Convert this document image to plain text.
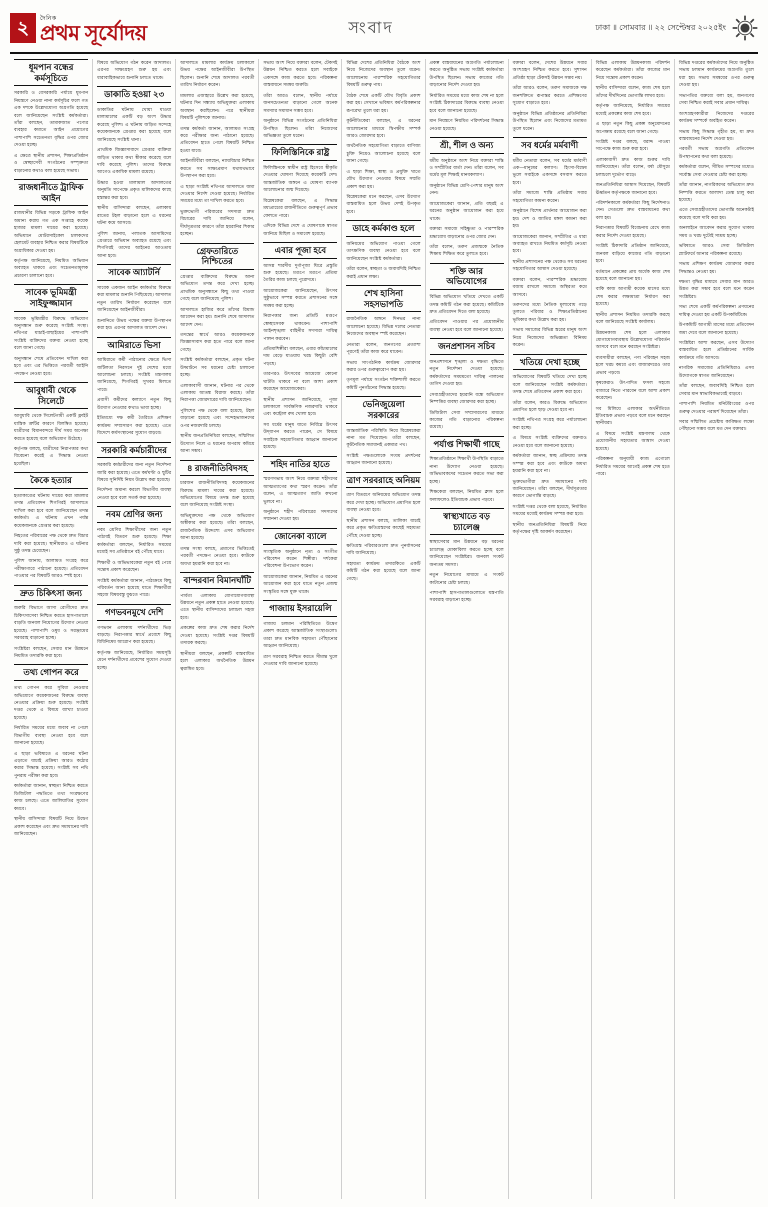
২	দৈনিক
প্রথম সূর্যোদয়	সংবাদ	ঢাকা ॥ সোমবার ॥ ২২ সেপ্টেম্বর ২০২৫ইং
ধূমপান বন্ধের কর্মসূচিতে
সরকারি ও বেসরকারি পর্যায়ে ধূমপান নিয়ন্ত্রণে নেওয়া নানা কর্মসূচির ফলে গত এক দশকে উল্লেখযোগ্য অগ্রগতি হয়েছে বলে জানিয়েছেন সংশ্লিষ্ট কর্মকর্তারা। তাঁরা বলছেন, তামাকজাত পণ্যের ব্যবহার কমাতে আইন প্রয়োগের পাশাপাশি সচেতনতা বৃদ্ধির ওপর জোর দেওয়া হচ্ছে।
এ ক্ষেত্রে স্থানীয় প্রশাসন, শিক্ষাপ্রতিষ্ঠান ও স্বেচ্ছাসেবী সংগঠনের সম্পৃক্ততা বাড়ানোর কথাও বলা হয়েছে সভায়।
রাজধানীতে ট্রাফিক আইন
রাজধানীর বিভিন্ন সড়কে ট্রাফিক আইন অমান্য করায় গত এক সপ্তাহে কয়েক হাজার মামলা দায়ের করা হয়েছে। অভিযানে মোটরসাইকেল চালকদের হেলমেট ব্যবহার নিশ্চিত করার বিষয়টিকে অগ্রাধিকার দেওয়া হয়।
কর্তৃপক্ষ জানিয়েছে, নিয়মিত অভিযান অব্যাহত থাকবে এবং সচেতনতামূলক প্রচারণা চালানো হবে।
সাবেক ভূমিমন্ত্রী সাইফুজ্জামান
সাবেক ভূমিমন্ত্রীর বিরুদ্ধে অভিযোগ অনুসন্ধান শুরু করেছে সংশ্লিষ্ট সংস্থা। নথিপত্র যাচাই-বাছাইয়ের পাশাপাশি সংশ্লিষ্ট ব্যক্তিদের বক্তব্য নেওয়া হচ্ছে বলে জানা গেছে।
অনুসন্ধান শেষে প্রতিবেদন দাখিল করা হবে এবং এর ভিত্তিতে পরবর্তী আইনি পদক্ষেপ নেওয়া হবে।
আবুধাবী থেকে সিলেটে
আবুধাবি থেকে সিলেটগামী একটি ফ্লাইট যান্ত্রিক ত্রুটির কারণে বিলম্বিত হয়েছে। যাত্রীদের বিমানবন্দরে দীর্ঘ সময় অপেক্ষা করতে হয়েছে বলে অভিযোগ উঠেছে।
কর্তৃপক্ষ বলছে, যাত্রীদের নিরাপত্তার কথা বিবেচনা করেই এ সিদ্ধান্ত নেওয়া হয়েছিল।
কৈকে হত্যার
হত্যাকাণ্ডের ঘটনায় দায়ের করা মামলার তদন্ত প্রতিবেদন শিগগিরই আদালতে দাখিল করা হবে বলে জানিয়েছেন তদন্ত কর্মকর্তা। এ ঘটনায় এখন পর্যন্ত কয়েকজনকে গ্রেপ্তার করা হয়েছে।
নিহতের পরিবারের পক্ষ থেকে দ্রুত বিচার দাবি করা হয়েছে। স্থানীয়রাও এ ঘটনার সুষ্ঠু তদন্ত চেয়েছেন।
পুলিশ জানায়, আলামত সংগ্রহ করে পরীক্ষাগারে পাঠানো হয়েছে। প্রতিবেদন পাওয়ার পর বিষয়টি আরও স্পষ্ট হবে।
দ্রুত চিকিৎসা জন্য
জরুরি বিভাগে আসা রোগীদের দ্রুত চিকিৎসাসেবা নিশ্চিত করতে হাসপাতালে বাড়তি জনবল নিয়োগের উদ্যোগ নেওয়া হয়েছে। পাশাপাশি ওষুধ ও সরঞ্জামের সরবরাহ বাড়ানো হচ্ছে।
সংশ্লিষ্টরা বলছেন, সেবার মান উন্নয়নে নিয়মিত তদারকি করা হবে।
তথ্য গোপন করে
তথ্য গোপন করে সুবিধা নেওয়ার অভিযোগে কয়েকজনের বিরুদ্ধে ব্যবস্থা নেওয়ার প্রক্রিয়া শুরু হয়েছে। সংশ্লিষ্ট দপ্তর থেকে এ বিষয়ে ব্যাখ্যা চাওয়া হয়েছে।
নির্ধারিত সময়ের মধ্যে জবাব না পেলে বিভাগীয় ব্যবস্থা নেওয়া হবে বলে জানানো হয়েছে।
এ ছাড়া ভবিষ্যতে এ ধরনের ঘটনা এড়াতে যাচাই প্রক্রিয়া আরও কঠোর করার সিদ্ধান্ত হয়েছে। সংশ্লিষ্ট সব নথি পুনরায় পরীক্ষা করা হবে।
কর্মকর্তারা জানান, স্বচ্ছতা নিশ্চিত করতে ডিজিটাল পদ্ধতিতে তথ্য সংরক্ষণের কাজ চলছে। এতে জালিয়াতির সুযোগ কমবে।
স্থানীয় বাসিন্দারা বিষয়টি নিয়ে উদ্বেগ প্রকাশ করেছেন এবং দ্রুত সমাধানের দাবি জানিয়েছেন।
বিষয়ে অভিযোগ গঠন করেন আদালত। এরপর সাক্ষ্যগ্রহণ শুরু হয় এবং ধারাবাহিকভাবে শুনানি চলতে থাকে।
ডাকাতি হওয়া ২৩
ডাকাতির ঘটনায় খোয়া যাওয়া মালামালের একটি বড় অংশ উদ্ধার করেছে পুলিশ। এ ঘটনায় জড়িত সন্দেহে কয়েকজনকে গ্রেপ্তার করা হয়েছে বলে জানিয়েছে সংশ্লিষ্ট থানা।
প্রাথমিক জিজ্ঞাসাবাদে গ্রেপ্তার ব্যক্তিরা জড়িত থাকার কথা স্বীকার করেছে বলে দাবি করেছে পুলিশ। তাদের বিরুদ্ধে আগেও একাধিক মামলা রয়েছে।
উদ্ধার হওয়া মালামাল আদালতের অনুমতি সাপেক্ষে প্রকৃত মালিকদের কাছে হস্তান্তর করা হবে।
স্থানীয় বাসিন্দারা বলছেন, এলাকায় রাতের টহল বাড়ানো হলে এ ধরনের ঘটনা কমে আসবে।
পুলিশ জানায়, পলাতক আসামিদের গ্রেপ্তারে অভিযান অব্যাহত রয়েছে এবং শিগগিরই তাদের আইনের আওতায় আনা হবে।
সাবেক আ্যাটর্নি
সাবেক একজন আইন কর্মকর্তার বিরুদ্ধে করা মামলার শুনানি পিছিয়েছে। আদালত নতুন তারিখ নির্ধারণ করেছেন বলে জানিয়েছেন আইনজীবীরা।
শুনানিতে উভয় পক্ষের বক্তব্য উপস্থাপন করা হয়। এরপর আদালত আদেশ দেন।
আমিরাতে ভিসা
আমিরাতে কর্মী পাঠানোর ক্ষেত্রে ভিসা জটিলতা নিরসনে দুই দেশের মধ্যে আলোচনা চলছে। সংশ্লিষ্ট মন্ত্রণালয় জানিয়েছে, শিগগিরই সুখবর মিলতে পারে।
প্রবাসী কর্মীদের কল্যাণে নতুন কিছু উদ্যোগ নেওয়ার কথাও ভাবা হচ্ছে।
ইতিমধ্যে দক্ষ কর্মী তৈরিতে প্রশিক্ষণ কার্যক্রম সম্প্রসারণ করা হয়েছে। এতে বিদেশে কর্মসংস্থানের সুযোগ বাড়বে।
সরকারি কর্মচারীদের
সরকারি কর্মচারীদের জন্য নতুন নির্দেশনা জারি করা হয়েছে। এতে কর্মঘণ্টা ও ছুটির বিষয়ে সুনির্দিষ্ট নিয়ম উল্লেখ করা হয়েছে।
নির্দেশনা অমান্য করলে বিভাগীয় ব্যবস্থা নেওয়া হবে বলে সতর্ক করা হয়েছে।
নবম শ্রেণির জন্য
নবম শ্রেণির শিক্ষার্থীদের জন্য নতুন পাঠ্যবই বিতরণ শুরু হয়েছে। শিক্ষা কর্মকর্তারা বলছেন, নির্ধারিত সময়ের মধ্যেই সব প্রতিষ্ঠানে বই পৌঁছে যাবে।
শিক্ষার্থী ও অভিভাবকেরা নতুন বই পেয়ে সন্তোষ প্রকাশ করেছেন।
সংশ্লিষ্ট কর্মকর্তারা জানান, পাঠ্যক্রমে কিছু পরিবর্তন আনা হয়েছে যাতে শিক্ষার্থীরা সহজে বিষয়বস্তু বুঝতে পারে।
গণভবনমুখে দেশি
গণভবন এলাকায় দর্শনার্থীদের ভিড় বাড়ছে। নিরাপত্তার স্বার্থে প্রবেশে কিছু বিধিনিষেধ আরোপ করা হয়েছে।
কর্তৃপক্ষ জানিয়েছে, নির্ধারিত সময়সূচি মেনে দর্শনার্থীদের প্রবেশের সুযোগ দেওয়া হচ্ছে।
আদালতে মামলার কার্যক্রম চলাকালে উভয় পক্ষের আইনজীবীরা উপস্থিত ছিলেন। শুনানি শেষে আদালত পরবর্তী তারিখ নির্ধারণ করেন।
মামলার এজাহারে উল্লেখ করা হয়েছে, ঘটনার দিন সন্ধ্যায় অভিযুক্তরা এলাকায় অবস্থান করছিলেন। পরে স্থানীয়রা বিষয়টি পুলিশকে জানায়।
তদন্ত কর্মকর্তা জানান, আলামত সংগ্রহ করে পরীক্ষার জন্য পাঠানো হয়েছে। প্রতিবেদন হাতে পেলে বিষয়টি নিশ্চিত হওয়া যাবে।
আইনজীবীরা বলছেন, ন্যায়বিচার নিশ্চিত করতে সব সাক্ষ্যপ্রমাণ যথাযথভাবে উপস্থাপন করা হবে।
এ ছাড়া সংশ্লিষ্ট নথিপত্র আদালতে জমা দেওয়ার নির্দেশ দেওয়া হয়েছে। নির্ধারিত সময়ের মধ্যে তা দাখিল করতে হবে।
ভুক্তভোগী পরিবারের সদস্যরা দ্রুত বিচারের দাবি জানিয়ে বলেন, দীর্ঘসূত্রতার কারণে তাঁরা হয়রানির শিকার হচ্ছেন।
গ্রেফতারিতে নিশ্চিতের
গ্রেপ্তার ব্যক্তিদের বিরুদ্ধে আনা অভিযোগ তদন্ত করে দেখা হচ্ছে। প্রাথমিক অনুসন্ধানে কিছু তথ্য পাওয়া গেছে বলে জানিয়েছে পুলিশ।
আদালতে হাজির করে তাঁদের রিমান্ড আবেদন করা হয়। শুনানি শেষে আদালত আদেশ দেন।
তদন্তের স্বার্থে আরও কয়েকজনকে জিজ্ঞাসাবাদ করা হতে পারে বলে জানা গেছে।
সংশ্লিষ্ট কর্মকর্তারা বলছেন, প্রকৃত ঘটনা উদ্ঘাটনে সব ধরনের চেষ্টা চালানো হচ্ছে।
এলাকাবাসী জানান, ঘটনার পর থেকে এলাকায় আতঙ্ক বিরাজ করছে। তাঁরা নিরাপত্তা জোরদারের দাবি জানিয়েছেন।
পুলিশের পক্ষ থেকে বলা হয়েছে, টহল বাড়ানো হয়েছে এবং সন্দেহভাজনদের ওপর নজরদারি চলছে।
স্থানীয় জনপ্রতিনিধিরা বলছেন, সম্মিলিত উদ্যোগ নিলে এ ধরনের অপরাধ কমিয়ে আনা সম্ভব।
৪ রাজনীতিবিদসহ
চারজন রাজনীতিবিদসহ কয়েকজনের বিরুদ্ধে মামলা দায়ের করা হয়েছে। অভিযোগের বিষয়ে তদন্ত শুরু হয়েছে বলে জানিয়েছে সংশ্লিষ্ট সংস্থা।
অভিযুক্তদের পক্ষ থেকে অভিযোগ অস্বীকার করা হয়েছে। তাঁরা বলছেন, রাজনৈতিক উদ্দেশ্যে এসব অভিযোগ আনা হয়েছে।
তদন্ত সংস্থা বলছে, প্রমাণের ভিত্তিতেই পরবর্তী পদক্ষেপ নেওয়া হবে। কাউকে অযথা হয়রানি করা হবে না।
বান্দরবান বিমানঘাঁটি
পার্বত্য এলাকায় যোগাযোগব্যবস্থা উন্নয়নে নতুন প্রকল্প হাতে নেওয়া হয়েছে। এতে স্থানীয় বাসিন্দাদের চলাচল সহজ হবে।
প্রকল্পের কাজ দ্রুত শেষ করার নির্দেশ দেওয়া হয়েছে। সংশ্লিষ্ট দপ্তর বিষয়টি তদারক করছে।
স্থানীয়রা বলছেন, প্রকল্পটি বাস্তবায়িত হলে এলাকার অর্থনৈতিক উন্নয়ন ত্বরান্বিত হবে।
সভায় অংশ নিয়ে বক্তারা বলেন, টেকসই উন্নয়ন নিশ্চিত করতে হলে সবাইকে একসঙ্গে কাজ করতে হবে। পরিকল্পনা বাস্তবায়নে সমন্বয় জরুরি।
তাঁরা আরও বলেন, স্থানীয় পর্যায়ে জনসচেতনতা বাড়ানো গেলে অনেক সমস্যার সমাধান সম্ভব হবে।
অনুষ্ঠানে বিভিন্ন সংগঠনের প্রতিনিধিরা উপস্থিত ছিলেন। তাঁরা নিজেদের অভিজ্ঞতা তুলে ধরেন।
ফিলিস্তিনিকে রাষ্ট্র
ফিলিস্তিনকে স্বাধীন রাষ্ট্র হিসেবে স্বীকৃতি দেওয়ার ঘোষণা দিয়েছে কয়েকটি দেশ। আন্তর্জাতিক অঙ্গনে এ ঘোষণা ব্যাপক আলোচনার জন্ম দিয়েছে।
বিশ্লেষকেরা বলছেন, এ সিদ্ধান্ত মধ্যপ্রাচ্যের রাজনীতিতে গুরুত্বপূর্ণ প্রভাব ফেলতে পারে।
এদিকে বিভিন্ন দেশে এ ঘোষণাকে স্বাগত জানিয়ে মিছিল ও সমাবেশ হয়েছে।
এবার পূজা হবে
আসন্ন শারদীয় দুর্গাপূজা ঘিরে প্রস্তুতি শুরু হয়েছে। মণ্ডপে মণ্ডপে প্রতিমা তৈরির কাজ চলছে পুরোদমে।
আয়োজকেরা জানিয়েছেন, উৎসব সুষ্ঠুভাবে সম্পন্ন করতে প্রশাসনের সঙ্গে সমন্বয় করা হচ্ছে।
নিরাপত্তার জন্য প্রতিটি মণ্ডপে স্বেচ্ছাসেবক থাকবেন। পাশাপাশি আইনশৃঙ্খলা বাহিনীর সদস্যরা দায়িত্ব পালন করবেন।
প্রতিমাশিল্পীরা বলছেন, এবার কাঁচামালের দাম বেড়ে যাওয়ায় খরচ কিছুটা বেশি পড়ছে।
তারপরও উৎসবের আমেজে কোনো ঘাটতি থাকবে না বলে আশা প্রকাশ করেছেন আয়োজকেরা।
স্থানীয় প্রশাসন জানিয়েছে, পূজা চলাকালে সার্বক্ষণিক নজরদারি থাকবে এবং কন্ট্রোল রুম খোলা হবে।
সব ধর্মের মানুষ যাতে নির্বিঘ্নে উৎসব উদ্‌যাপন করতে পারেন, সে বিষয়ে সবাইকে সহযোগিতার আহ্বান জানানো হয়েছে।
শহিদ নাতির হাতে
স্মরণসভায় অংশ নিয়ে বক্তারা শহীদদের আত্মত্যাগের কথা স্মরণ করেন। তাঁরা বলেন, এ আত্মত্যাগ জাতি কখনো ভুলবে না।
অনুষ্ঠানে শহীদ পরিবারের সদস্যদের সম্মাননা দেওয়া হয়।
জোনেকা ব্যালে
সাংস্কৃতিক অনুষ্ঠানে নৃত্য ও সংগীত পরিবেশন করেন শিল্পীরা। দর্শকেরা পরিবেশনা উপভোগ করেন।
আয়োজকেরা জানান, নিয়মিত এ ধরনের আয়োজন করা হবে যাতে নতুন প্রজন্ম সংস্কৃতির সঙ্গে যুক্ত থাকে।
গাজাায় ইসরায়েলি
গাজায় চলমান পরিস্থিতিতে উদ্বেগ প্রকাশ করেছে আন্তর্জাতিক সংস্থাগুলো। তারা দ্রুত মানবিক সহায়তা পৌঁছানোর আহ্বান জানিয়েছে।
ত্রাণ সরবরাহ নিশ্চিত করতে সীমান্ত খুলে দেওয়ার দাবি জানানো হয়েছে।
বিভিন্ন দেশের প্রতিনিধিরা বৈঠকে অংশ নিয়ে নিজেদের অবস্থান তুলে ধরেন। আলোচনায় পারস্পরিক সহযোগিতার বিষয়টি গুরুত্ব পায়।
বৈঠক শেষে একটি যৌথ বিবৃতি প্রকাশ করা হয়। সেখানে ভবিষ্যৎ কর্মপরিকল্পনার রূপরেখা তুলে ধরা হয়।
কূটনীতিকেরা বলছেন, এ ধরনের আলোচনার মাধ্যমে দ্বিপক্ষীয় সম্পর্ক আরও জোরদার হবে।
অর্থনৈতিক সহযোগিতা বাড়াতে বাণিজ্য চুক্তি নিয়েও আলোচনা হয়েছে বলে জানা গেছে।
এ ছাড়া শিক্ষা, স্বাস্থ্য ও প্রযুক্তি খাতে যৌথ উদ্যোগ নেওয়ার বিষয়ে সম্মতি প্রকাশ করা হয়।
বিশ্লেষকেরা মনে করছেন, এসব উদ্যোগ বাস্তবায়িত হলে উভয় দেশই উপকৃত হবে।
ডাহে কর্মকাণ্ড হলে
অনিয়মের অভিযোগ পাওয়া গেলে তাৎক্ষণিক ব্যবস্থা নেওয়া হবে বলে জানিয়েছেন সংশ্লিষ্ট কর্মকর্তারা।
তাঁরা বলেন, স্বচ্ছতা ও জবাবদিহি নিশ্চিত করাই প্রধান লক্ষ্য।
শেখ হাসিনা সহসভাপতি
রাজনৈতিক অঙ্গনে দিনভর নানা আলোচনা হয়েছে। বিভিন্ন দলের নেতারা নিজেদের অবস্থান স্পষ্ট করেছেন।
নেতারা বলেন, জনগণের প্রত্যাশা পূরণেই তাঁরা কাজ করে যাবেন।
সভায় সাংগঠনিক কার্যক্রম জোরদার করার ওপর গুরুত্বারোপ করা হয়।
তৃণমূল পর্যায়ে সংগঠন শক্তিশালী করতে কমিটি পুনর্গঠনের সিদ্ধান্ত হয়েছে।
ভেনিজুয়েলা সরকারের
আন্তর্জাতিক পরিস্থিতি নিয়ে বিশ্লেষকেরা নানা মত দিয়েছেন। তাঁরা বলছেন, কূটনৈতিক সমাধানই একমাত্র পথ।
সংশ্লিষ্ট পক্ষগুলোকে সংযম প্রদর্শনের আহ্বান জানানো হয়েছে।
ত্রাণ সরবরাহে অনিয়ম
ত্রাণ বিতরণে অনিয়মের অভিযোগ তদন্ত করে দেখা হচ্ছে। অভিযোগ প্রমাণিত হলে ব্যবস্থা নেওয়া হবে।
স্থানীয় প্রশাসন বলছে, তালিকা যাচাই করে প্রকৃত ক্ষতিগ্রস্তদের কাছেই সহায়তা পৌঁছে দেওয়া হচ্ছে।
ক্ষতিগ্রস্ত পরিবারগুলো দ্রুত পুনর্বাসনের দাবি জানিয়েছে।
সহায়তা কার্যক্রম তদারকিতে একটি কমিটি গঠন করা হয়েছে বলে জানা গেছে।
প্রকল্প বাস্তবায়নের অগ্রগতি পর্যালোচনা করতে অনুষ্ঠিত সভায় সংশ্লিষ্ট কর্মকর্তারা উপস্থিত ছিলেন। সভায় কাজের গতি বাড়ানোর নির্দেশ দেওয়া হয়।
নির্ধারিত সময়ের মধ্যে কাজ শেষ না হলে সংশ্লিষ্ট ঠিকাদারের বিরুদ্ধে ব্যবস্থা নেওয়া হবে বলে জানানো হয়েছে।
মান নিয়ন্ত্রণে নিয়মিত পরিদর্শনের সিদ্ধান্ত নেওয়া হয়েছে।
শ্রী, শীল ও অন্য
ধর্মীয় অনুষ্ঠানে অংশ নিয়ে বক্তারা শান্তি ও সম্প্রীতির বার্তা দেন। তাঁরা বলেন, সব ধর্মের মূল শিক্ষাই মানবকল্যাণ।
অনুষ্ঠানে বিভিন্ন শ্রেণি-পেশার মানুষ অংশ নেন।
আয়োজকেরা জানান, প্রতি বছরই এ ধরনের অনুষ্ঠান আয়োজন করা হয়ে থাকে।
বক্তারা সমাজে সহিষ্ণুতা ও পারস্পরিক শ্রদ্ধাবোধ বাড়ানোর ওপর জোর দেন।
তাঁরা বলেন, তরুণ প্রজন্মকে নৈতিক শিক্ষায় শিক্ষিত করে তুলতে হবে।
শক্তি আর অভিযোগের
বিভিন্ন অভিযোগ খতিয়ে দেখতে একটি তদন্ত কমিটি গঠন করা হয়েছে। কমিটিকে দ্রুত প্রতিবেদন দিতে বলা হয়েছে।
প্রতিবেদন পাওয়ার পর প্রয়োজনীয় ব্যবস্থা নেওয়া হবে বলে জানানো হয়েছে।
জনপ্রশাসন সচিব
জনপ্রশাসনে শৃঙ্খলা ও দক্ষতা বৃদ্ধিতে নতুন নির্দেশনা দেওয়া হয়েছে। কর্মকর্তাদের সময়মতো দায়িত্ব পালনের তাগিদ দেওয়া হয়।
সেবাগ্রহীতাদের হয়রানি বন্ধে অভিযোগ নিষ্পত্তির ব্যবস্থা জোরদার করা হচ্ছে।
ডিজিটাল সেবা সম্প্রসারণের মাধ্যমে কাজের গতি বাড়ানোর পরিকল্পনা রয়েছে।
পর্যাপ্ত শিক্ষার্থী গাছে
শিক্ষাপ্রতিষ্ঠানে শিক্ষার্থী উপস্থিতি বাড়াতে নানা উদ্যোগ নেওয়া হয়েছে। অভিভাবকদের সচেতন করতে সভা করা হচ্ছে।
শিক্ষকেরা বলছেন, নিয়মিত ক্লাস হলে ফলাফলেও ইতিবাচক প্রভাব পড়বে।
স্বাস্থ্যখাতে বড় চ্যালেঞ্জ
স্বাস্থ্যসেবার মান উন্নয়নে বড় ধরনের চ্যালেঞ্জ মোকাবিলা করতে হচ্ছে বলে জানিয়েছেন সংশ্লিষ্টরা। জনবল সংকট অন্যতম সমস্যা।
নতুন নিয়োগের মাধ্যমে এ সংকট কাটানোর চেষ্টা চলছে।
পাশাপাশি হাসপাতালগুলোতে যন্ত্রপাতি সরবরাহ বাড়ানো হচ্ছে।
বক্তারা বলেন, দেশের উন্নয়নে সবার অংশগ্রহণ নিশ্চিত করতে হবে। সুশাসন প্রতিষ্ঠা ছাড়া টেকসই উন্নয়ন সম্ভব নয়।
তাঁরা আরও বলেন, তরুণ সমাজকে দক্ষ জনশক্তিতে রূপান্তর করতে প্রশিক্ষণের সুযোগ বাড়াতে হবে।
অনুষ্ঠানে বিভিন্ন প্রতিষ্ঠানের প্রতিনিধিরা উপস্থিত ছিলেন এবং নিজেদের মতামত তুলে ধরেন।
সব ধর্মের মর্মবাণী
ধর্মীয় নেতারা বলেন, সব ধর্মের মর্মবাণী এক—মানুষের কল্যাণ। হিংসা-বিদ্বেষ ভুলে সবাইকে একসঙ্গে বসবাস করতে হবে।
তাঁরা সমাজে শান্তি প্রতিষ্ঠায় সবার সহযোগিতা কামনা করেন।
অনুষ্ঠানে বিশেষ প্রার্থনার আয়োজন করা হয়। দেশ ও জাতির মঙ্গল কামনা করা হয়।
আয়োজকেরা জানান, সম্প্রীতির এ ধারা অব্যাহত রাখতে নিয়মিত কর্মসূচি নেওয়া হবে।
স্থানীয় প্রশাসনের পক্ষ থেকেও সব ধরনের সহযোগিতার আশ্বাস দেওয়া হয়েছে।
বক্তারা বলেন, পারস্পরিক শ্রদ্ধাবোধ বজায় রাখলে সমাজে অস্থিরতা কমে আসবে।
তরুণদের মধ্যে নৈতিক মূল্যবোধ গড়ে তুলতে পরিবার ও শিক্ষাপ্রতিষ্ঠানের ভূমিকার কথা উল্লেখ করা হয়।
সভায় সমাজের বিভিন্ন স্তরের মানুষ অংশ নিয়ে নিজেদের অভিজ্ঞতা বিনিময় করেন।
খতিয়ে দেখা হচ্ছে
অভিযোগের বিষয়টি খতিয়ে দেখা হচ্ছে বলে জানিয়েছেন সংশ্লিষ্ট কর্মকর্তারা। তদন্ত শেষে প্রতিবেদন প্রকাশ করা হবে।
তাঁরা বলেন, কারও বিরুদ্ধে অভিযোগ প্রমাণিত হলে ছাড় দেওয়া হবে না।
সংশ্লিষ্ট নথিপত্র সংগ্রহ করে পর্যালোচনা করা হচ্ছে।
এ বিষয়ে সংশ্লিষ্ট ব্যক্তিদের বক্তব্যও নেওয়া হবে বলে জানানো হয়েছে।
কর্মকর্তারা জানান, স্বচ্ছ প্রক্রিয়ায় তদন্ত সম্পন্ন করা হবে এবং কাউকে অযথা হয়রানি করা হবে না।
ভুক্তভোগীরা দ্রুত সমাধানের দাবি জানিয়েছেন। তাঁরা বলছেন, দীর্ঘসূত্রতার কারণে ভোগান্তি বাড়ছে।
সংশ্লিষ্ট দপ্তর থেকে বলা হয়েছে, নির্ধারিত সময়ের মধ্যেই কার্যক্রম সম্পন্ন করা হবে।
স্থানীয় জনপ্রতিনিধিরা বিষয়টি নিয়ে কর্তৃপক্ষের দৃষ্টি আকর্ষণ করেছেন।
বিভিন্ন এলাকায় উন্নয়নকাজ পরিদর্শন করেছেন কর্মকর্তারা। তাঁরা কাজের মান নিয়ে সন্তোষ প্রকাশ করেন।
স্থানীয় বাসিন্দারা বলেন, কাজ শেষ হলে তাঁদের দীর্ঘদিনের ভোগান্তি লাঘব হবে।
কর্তৃপক্ষ জানিয়েছে, নির্ধারিত সময়ের মধ্যেই প্রকল্পের কাজ শেষ হবে।
এ ছাড়া নতুন কিছু প্রকল্প অনুমোদনের অপেক্ষায় রয়েছে বলে জানা গেছে।
সংশ্লিষ্ট দপ্তর বলছে, বরাদ্দ পাওয়া সাপেক্ষে কাজ শুরু করা হবে।
এলাকাবাসী দ্রুত কাজ শুরুর দাবি জানিয়েছেন। তাঁরা বলেন, বর্ষা মৌসুমে চলাচলে দুর্ভোগ বাড়ে।
জনপ্রতিনিধিরা আশ্বাস দিয়েছেন, বিষয়টি ঊর্ধ্বতন কর্তৃপক্ষকে জানানো হবে।
পরিদর্শনকালে কর্মকর্তারা কিছু নির্দেশনাও দেন। সেগুলো দ্রুত বাস্তবায়নের কথা বলা হয়।
নিরাপত্তার বিষয়টি বিবেচনায় রেখে কাজ করার নির্দেশ দেওয়া হয়েছে।
সংশ্লিষ্ট ঠিকাদারি প্রতিষ্ঠান জানিয়েছে, জনবল বাড়িয়ে কাজের গতি বাড়ানো হবে।
বর্তমানে প্রকল্পের প্রায় অর্ধেক কাজ শেষ হয়েছে বলে জানানো হয়।
বাকি কাজ আগামী কয়েক মাসের মধ্যে শেষ করার লক্ষ্যমাত্রা নির্ধারণ করা হয়েছে।
স্থানীয় প্রশাসন নিয়মিত তদারকি করছে বলে জানিয়েছে সংশ্লিষ্ট কার্যালয়।
উন্নয়নকাজ শেষ হলে এলাকার যোগাযোগব্যবস্থায় উল্লেখযোগ্য পরিবর্তন আসবে বলে মনে করছেন সংশ্লিষ্টরা।
ব্যবসায়ীরা বলছেন, পণ্য পরিবহন সহজ হলে খরচ কমবে এবং বাজারদরেও তার প্রভাব পড়বে।
কৃষকেরাও উৎপাদিত ফসল সহজে বাজারে নিতে পারবেন বলে আশা প্রকাশ করেছেন।
সব মিলিয়ে এলাকার অর্থনীতিতে ইতিবাচক প্রভাব পড়বে বলে মনে করছেন স্থানীয়রা।
এ বিষয়ে সংশ্লিষ্ট মন্ত্রণালয় থেকে প্রয়োজনীয় সহায়তার আশ্বাস দেওয়া হয়েছে।
পরিকল্পনা অনুযায়ী কাজ এগোলে নির্ধারিত সময়ের আগেই প্রকল্প শেষ হতে পারে।
বিভিন্ন দপ্তরের কর্মকর্তাদের নিয়ে অনুষ্ঠিত সভায় চলমান কার্যক্রমের অগ্রগতি তুলে ধরা হয়। সভায় সমন্বয়ের ওপর গুরুত্ব দেওয়া হয়।
সভাপতির বক্তব্যে বলা হয়, জনগণের সেবা নিশ্চিত করাই সবার প্রধান দায়িত্ব।
অংশগ্রহণকারীরা নিজেদের দপ্তরের কার্যক্রম সম্পর্কে অবহিত করেন।
সভায় কিছু সিদ্ধান্ত গৃহীত হয়, যা দ্রুত বাস্তবায়নের নির্দেশ দেওয়া হয়।
পরবর্তী সভায় অগ্রগতি প্রতিবেদন উপস্থাপনের কথা বলা হয়েছে।
কর্মকর্তারা বলেন, সীমিত সম্পদের মধ্যেও সর্বোচ্চ সেবা দেওয়ার চেষ্টা করা হচ্ছে।
তাঁরা জানান, নাগরিকদের অভিযোগ দ্রুত নিষ্পত্তি করতে আলাদা ডেস্ক চালু করা হয়েছে।
এতে সেবাগ্রহীতাদের ভোগান্তি অনেকটাই কমেছে বলে দাবি করা হয়।
অনলাইনে আবেদন করার সুযোগ থাকায় সময় ও খরচ দুটোই সাশ্রয় হচ্ছে।
ভবিষ্যতে আরও সেবা ডিজিটাল প্ল্যাটফর্মে আনার পরিকল্পনা রয়েছে।
সভায় প্রশিক্ষণ কার্যক্রম জোরদার করার সিদ্ধান্তও নেওয়া হয়।
দক্ষতা বৃদ্ধির মাধ্যমে সেবার মান আরও উন্নত করা সম্ভব হবে বলে মনে করেন সংশ্লিষ্টরা।
সভা শেষে একটি কর্মপরিকল্পনা প্রণয়নের দায়িত্ব দেওয়া হয় একটি উপকমিটিকে।
উপকমিটি আগামী মাসের মধ্যে প্রতিবেদন জমা দেবে বলে জানানো হয়েছে।
সংশ্লিষ্টরা আশা করছেন, এসব উদ্যোগ বাস্তবায়িত হলে প্রতিষ্ঠানের সার্বিক কার্যক্রমে গতি আসবে।
নাগরিক সমাজের প্রতিনিধিরাও এসব উদ্যোগকে স্বাগত জানিয়েছেন।
তাঁরা বলছেন, জবাবদিহি নিশ্চিত হলে সেবার মান স্বাভাবিকভাবেই বাড়বে।
পাশাপাশি নিয়মিত মনিটরিংয়ের ওপর গুরুত্ব দেওয়ার পরামর্শ দিয়েছেন তাঁরা।
সবার সম্মিলিত প্রচেষ্টায় কাঙ্ক্ষিত লক্ষ্যে পৌঁছানো সম্ভব বলে মত দেন বক্তারা।
